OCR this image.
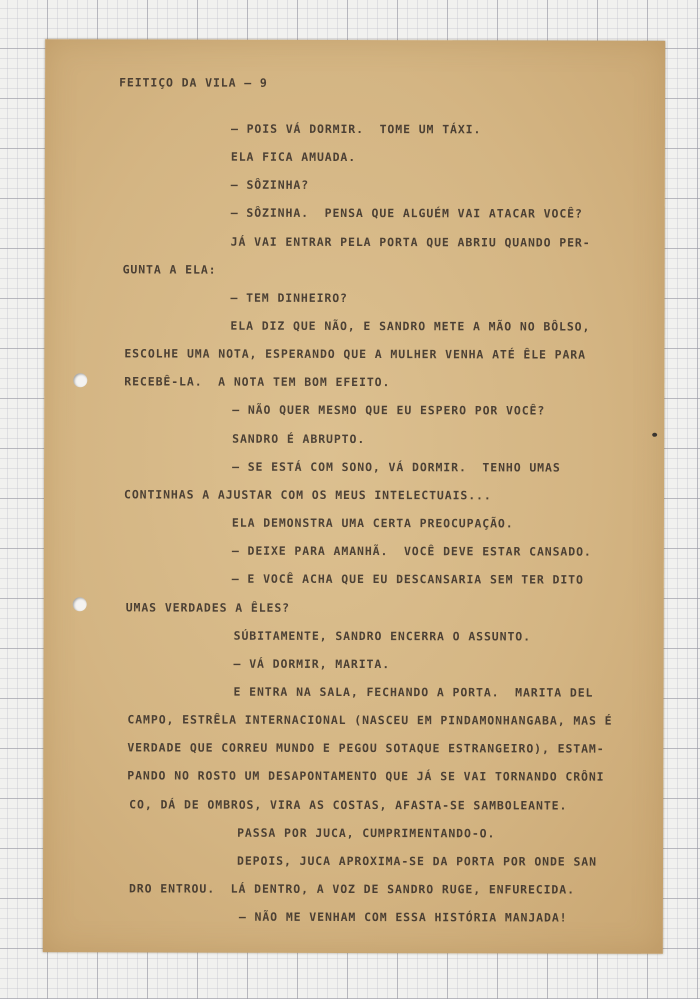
FEITIÇO DA VILA — 9

— POIS VÁ DORMIR.  TOME UM TÁXI.

ELA FICA AMUADA.

— SÔZINHA?

— SÔZINHA.  PENSA QUE ALGUÉM VAI ATACAR VOCÊ?

JÁ VAI ENTRAR PELA PORTA QUE ABRIU QUANDO PER-

GUNTA A ELA:

— TEM DINHEIRO?

ELA DIZ QUE NÃO, E SANDRO METE A MÃO NO BÔLSO,

ESCOLHE UMA NOTA, ESPERANDO QUE A MULHER VENHA ATÉ ÊLE PARA

RECEBÊ-LA.  A NOTA TEM BOM EFEITO.

— NÃO QUER MESMO QUE EU ESPERO POR VOCÊ?

SANDRO É ABRUPTO.

— SE ESTÁ COM SONO, VÁ DORMIR.  TENHO UMAS

CONTINHAS A AJUSTAR COM OS MEUS INTELECTUAIS...

ELA DEMONSTRA UMA CERTA PREOCUPAÇÃO.

— DEIXE PARA AMANHÃ.  VOCÊ DEVE ESTAR CANSADO.

— E VOCÊ ACHA QUE EU DESCANSARIA SEM TER DITO

UMAS VERDADES A ÊLES?

SÚBITAMENTE, SANDRO ENCERRA O ASSUNTO.

— VÁ DORMIR, MARITA.

E ENTRA NA SALA, FECHANDO A PORTA.  MARITA DEL

CAMPO, ESTRÊLA INTERNACIONAL (NASCEU EM PINDAMONHANGABA, MAS É

VERDADE QUE CORREU MUNDO E PEGOU SOTAQUE ESTRANGEIRO), ESTAM-

PANDO NO ROSTO UM DESAPONTAMENTO QUE JÁ SE VAI TORNANDO CRÔNI

CO, DÁ DE OMBROS, VIRA AS COSTAS, AFASTA-SE SAMBOLEANTE.

PASSA POR JUCA, CUMPRIMENTANDO-O.

DEPOIS, JUCA APROXIMA-SE DA PORTA POR ONDE SAN

DRO ENTROU.  LÁ DENTRO, A VOZ DE SANDRO RUGE, ENFURECIDA.

— NÃO ME VENHAM COM ESSA HISTÓRIA MANJADA!
